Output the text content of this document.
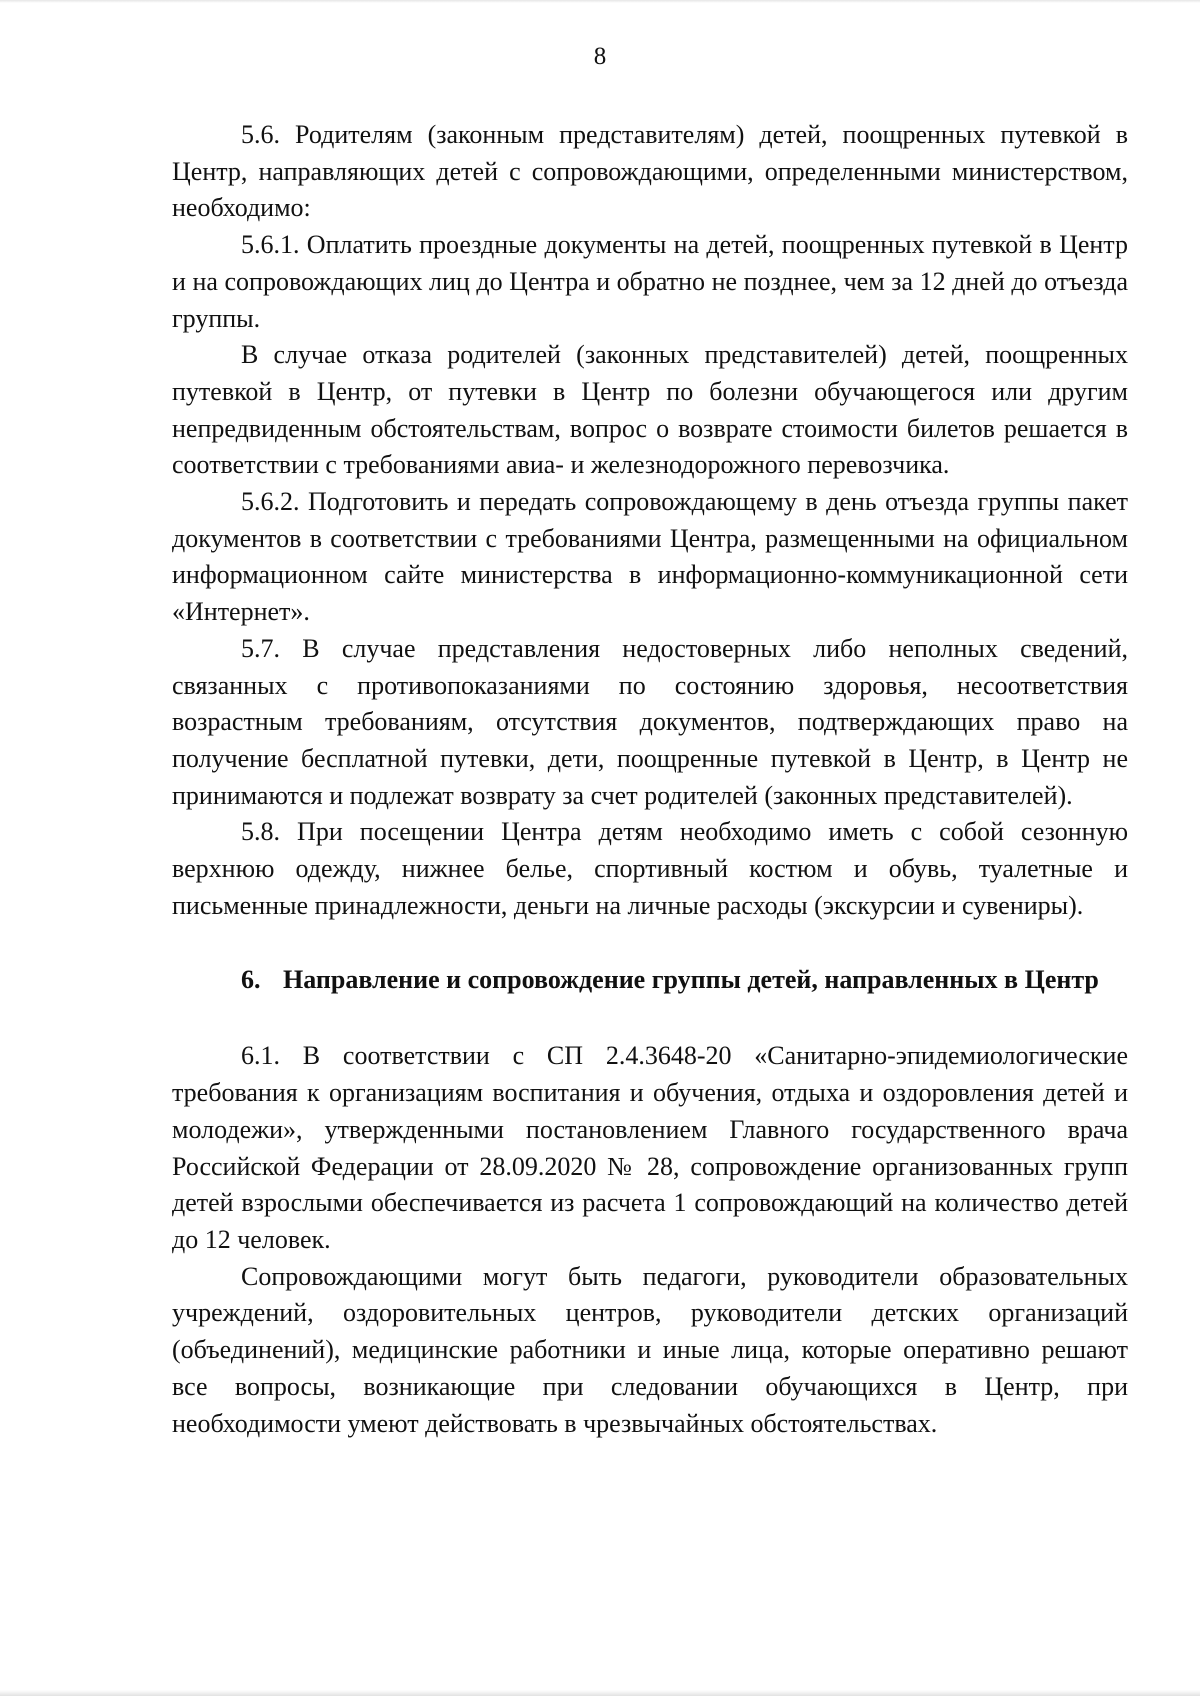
8

5.6. Родителям (законным представителям) детей, поощренных путевкой в Центр, направляющих детей с сопровождающими, определенными министерством, необходимо:

5.6.1. Оплатить проездные документы на детей, поощренных путевкой в Центр и на сопровождающих лиц до Центра и обратно не позднее, чем за 12 дней до отъезда группы.

В случае отказа родителей (законных представителей) детей, поощренных путевкой в Центр, от путевки в Центр по болезни обучающегося или другим непредвиденным обстоятельствам, вопрос о возврате стоимости билетов решается в соответствии с требованиями авиа- и железнодорожного перевозчика.

5.6.2. Подготовить и передать сопровождающему в день отъезда группы пакет документов в соответствии с требованиями Центра, размещенными на официальном информационном сайте министерства в информационно-коммуникационной сети «Интернет».

5.7. В случае представления недостоверных либо неполных сведений, связанных с противопоказаниями по состоянию здоровья, несоответствия возрастным требованиям, отсутствия документов, подтверждающих право на получение бесплатной путевки, дети, поощренные путевкой в Центр, в Центр не принимаются и подлежат возврату за счет родителей (законных представителей).

5.8. При посещении Центра детям необходимо иметь с собой сезонную верхнюю одежду, нижнее белье, спортивный костюм и обувь, туалетные и письменные принадлежности, деньги на личные расходы (экскурсии и сувениры).

6. Направление и сопровождение группы детей, направленных в Центр

6.1. В соответствии с СП 2.4.3648-20 «Санитарно-эпидемиологические требования к организациям воспитания и обучения, отдыха и оздоровления детей и молодежи», утвержденными постановлением Главного государственного врача Российской Федерации от 28.09.2020 № 28, сопровождение организованных групп детей взрослыми обеспечивается из расчета 1 сопровождающий на количество детей до 12 человек.

Сопровождающими могут быть педагоги, руководители образовательных учреждений, оздоровительных центров, руководители детских организаций (объединений), медицинские работники и иные лица, которые оперативно решают все вопросы, возникающие при следовании обучающихся в Центр, при необходимости умеют действовать в чрезвычайных обстоятельствах.
